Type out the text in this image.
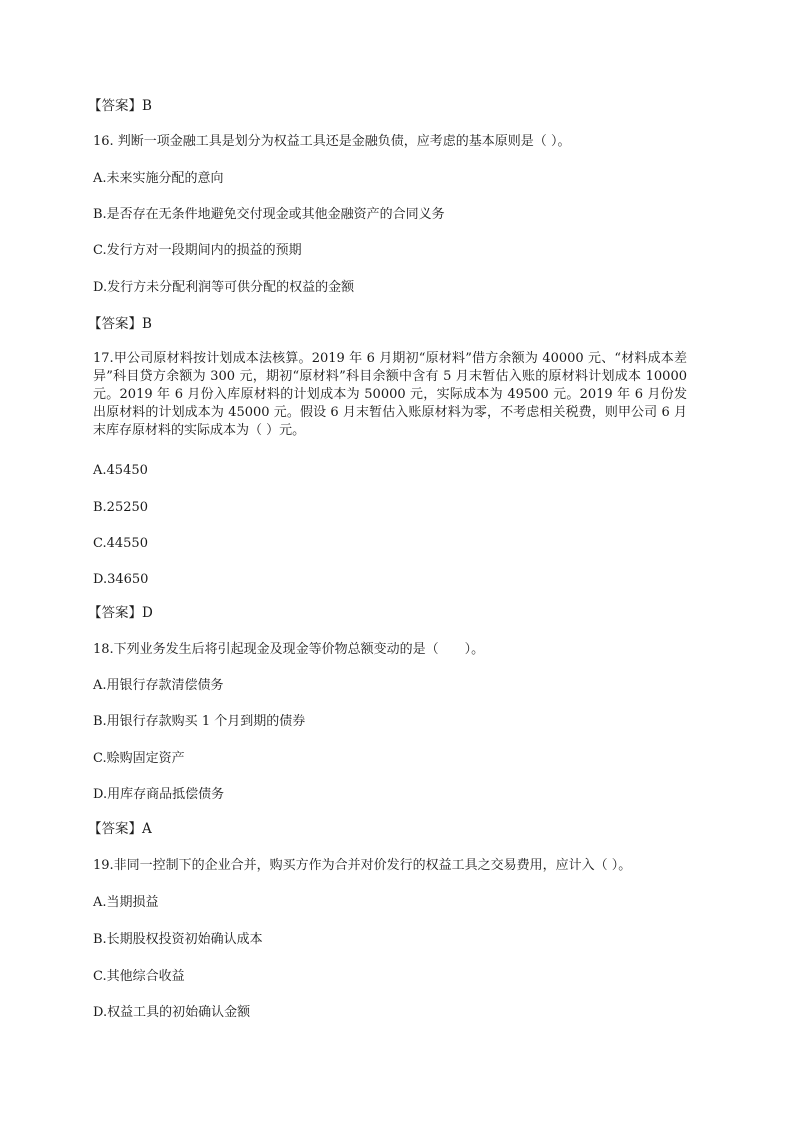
【答案】B
16. 判断一项金融工具是划分为权益工具还是金融负债，应考虑的基本原则是（ ）。
A.未来实施分配的意向
B.是否存在无条件地避免交付现金或其他金融资产的合同义务
C.发行方对一段期间内的损益的预期
D.发行方未分配利润等可供分配的权益的金额
【答案】B
17.甲公司原材料按计划成本法核算。2019 年 6 月期初“原材料”借方余额为 40000 元、“材料成本差异”科目贷方余额为 300 元，期初“原材料”科目余额中含有 5 月末暂估入账的原材料计划成本 10000 元。2019 年 6 月份入库原材料的计划成本为 50000 元，实际成本为 49500 元。2019 年 6 月份发出原材料的计划成本为 45000 元。假设 6 月末暂估入账原材料为零，不考虑相关税费，则甲公司 6 月末库存原材料的实际成本为（ ）元。
A.45450
B.25250
C.44550
D.34650
【答案】D
18.下列业务发生后将引起现金及现金等价物总额变动的是（　　）。
A.用银行存款清偿债务
B.用银行存款购买 1 个月到期的债券
C.赊购固定资产
D.用库存商品抵偿债务
【答案】A
19.非同一控制下的企业合并，购买方作为合并对价发行的权益工具之交易费用，应计入（ ）。
A.当期损益
B.长期股权投资初始确认成本
C.其他综合收益
D.权益工具的初始确认金额
